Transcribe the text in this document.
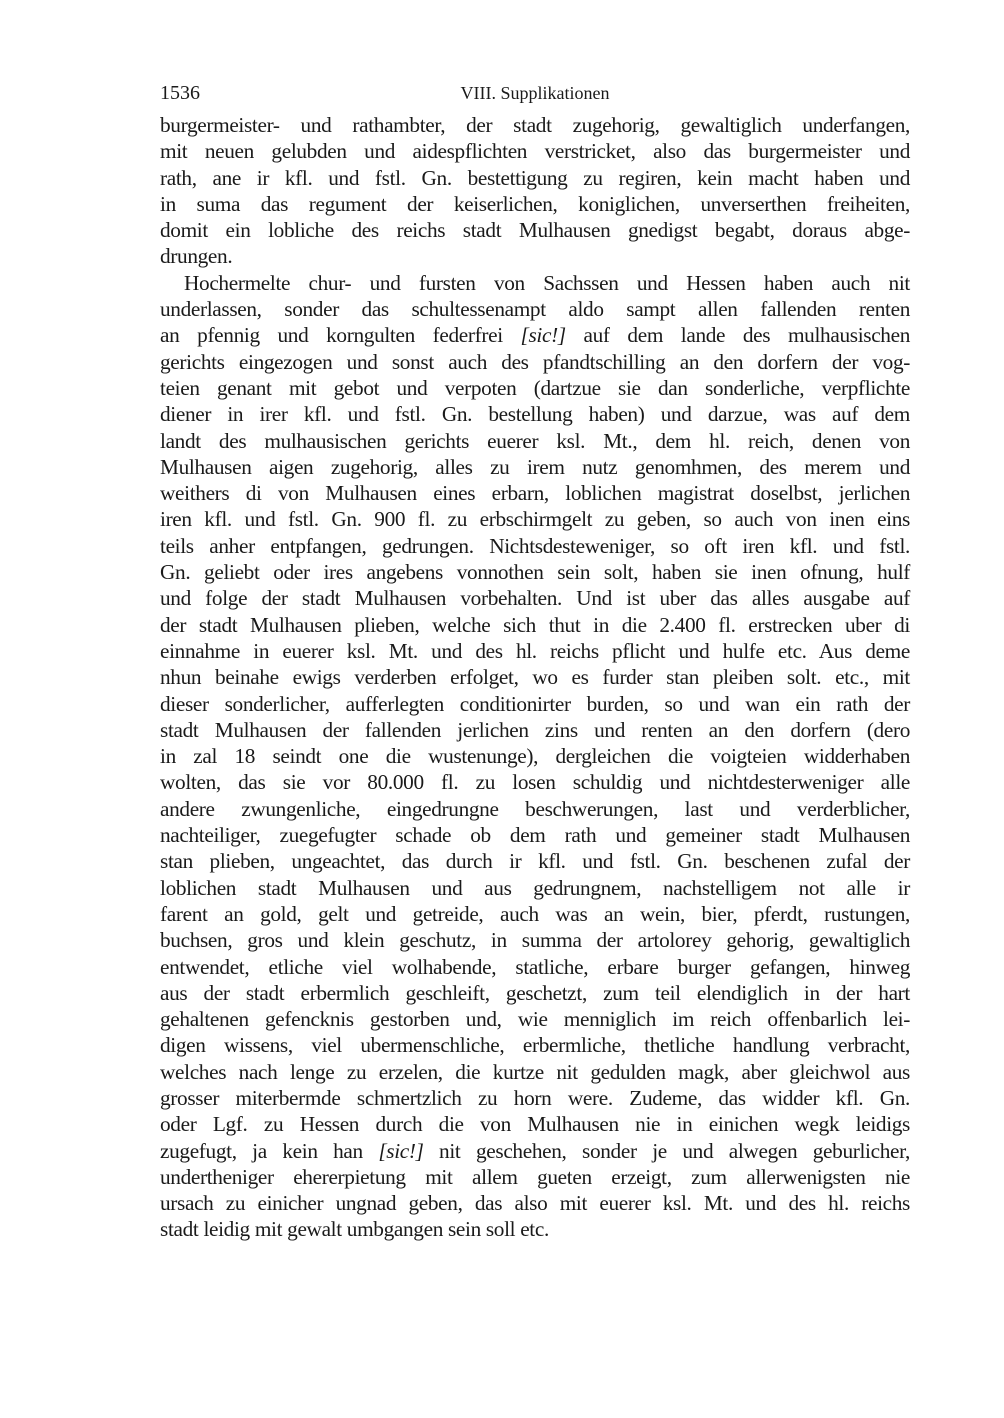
1536	VIII. Supplikationen
burgermeister- und rathambter, der stadt zugehorig, gewaltiglich underfangen,
mit neuen gelubden und aidespflichten verstricket, also das burgermeister und
rath, ane ir kfl. und fstl. Gn. bestettigung zu regiren, kein macht haben und
in suma das regument der keiserlichen, koniglichen, unverserthen freiheiten,
domit ein lobliche des reichs stadt Mulhausen gnedigst begabt, doraus abge-
drungen.
Hochermelte chur- und fursten von Sachssen und Hessen haben auch nit
underlassen, sonder das schultessenampt aldo sampt allen fallenden renten
an pfennig und korngulten federfrei [sic!] auf dem lande des mulhausischen
gerichts eingezogen und sonst auch des pfandtschilling an den dorfern der vog-
teien genant mit gebot und verpoten (dartzue sie dan sonderliche, verpflichte
diener in irer kfl. und fstl. Gn. bestellung haben) und darzue, was auf dem
landt des mulhausischen gerichts euerer ksl. Mt., dem hl. reich, denen von
Mulhausen aigen zugehorig, alles zu irem nutz genomhmen, des merem und
weithers di von Mulhausen eines erbarn, loblichen magistrat doselbst, jerlichen
iren kfl. und fstl. Gn. 900 fl. zu erbschirmgelt zu geben, so auch von inen eins
teils anher entpfangen, gedrungen. Nichtsdesteweniger, so oft iren kfl. und fstl.
Gn. geliebt oder ires angebens vonnothen sein solt, haben sie inen ofnung, hulf
und folge der stadt Mulhausen vorbehalten. Und ist uber das alles ausgabe auf
der stadt Mulhausen plieben, welche sich thut in die 2.400 fl. erstrecken uber di
einnahme in euerer ksl. Mt. und des hl. reichs pflicht und hulfe etc. Aus deme
nhun beinahe ewigs verderben erfolget, wo es furder stan pleiben solt. etc., mit
dieser sonderlicher, aufferlegten conditionirter burden, so und wan ein rath der
stadt Mulhausen der fallenden jerlichen zins und renten an den dorfern (dero
in zal 18 seindt one die wustenunge), dergleichen die voigteien widderhaben
wolten, das sie vor 80.000 fl. zu losen schuldig und nichtdesterweniger alle
andere zwungenliche, eingedrungne beschwerungen, last und verderblicher,
nachteiliger, zuegefugter schade ob dem rath und gemeiner stadt Mulhausen
stan plieben, ungeachtet, das durch ir kfl. und fstl. Gn. beschenen zufal der
loblichen stadt Mulhausen und aus gedrungnem, nachstelligem not alle ir
farent an gold, gelt und getreide, auch was an wein, bier, pferdt, rustungen,
buchsen, gros und klein geschutz, in summa der artolorey gehorig, gewaltiglich
entwendet, etliche viel wolhabende, statliche, erbare burger gefangen, hinweg
aus der stadt erbermlich geschleift, geschetzt, zum teil elendiglich in der hart
gehaltenen gefencknis gestorben und, wie menniglich im reich offenbarlich lei-
digen wissens, viel ubermenschliche, erbermliche, thetliche handlung verbracht,
welches nach lenge zu erzelen, die kurtze nit gedulden magk, aber gleichwol aus
grosser miterbermde schmertzlich zu horn were. Zudeme, das widder kfl. Gn.
oder Lgf. zu Hessen durch die von Mulhausen nie in einichen wegk leidigs
zugefugt, ja kein han [sic!] nit geschehen, sonder je und alwegen geburlicher,
undertheniger ehererpietung mit allem gueten erzeigt, zum allerwenigsten nie
ursach zu einicher ungnad geben, das also mit euerer ksl. Mt. und des hl. reichs
stadt leidig mit gewalt umbgangen sein soll etc.
